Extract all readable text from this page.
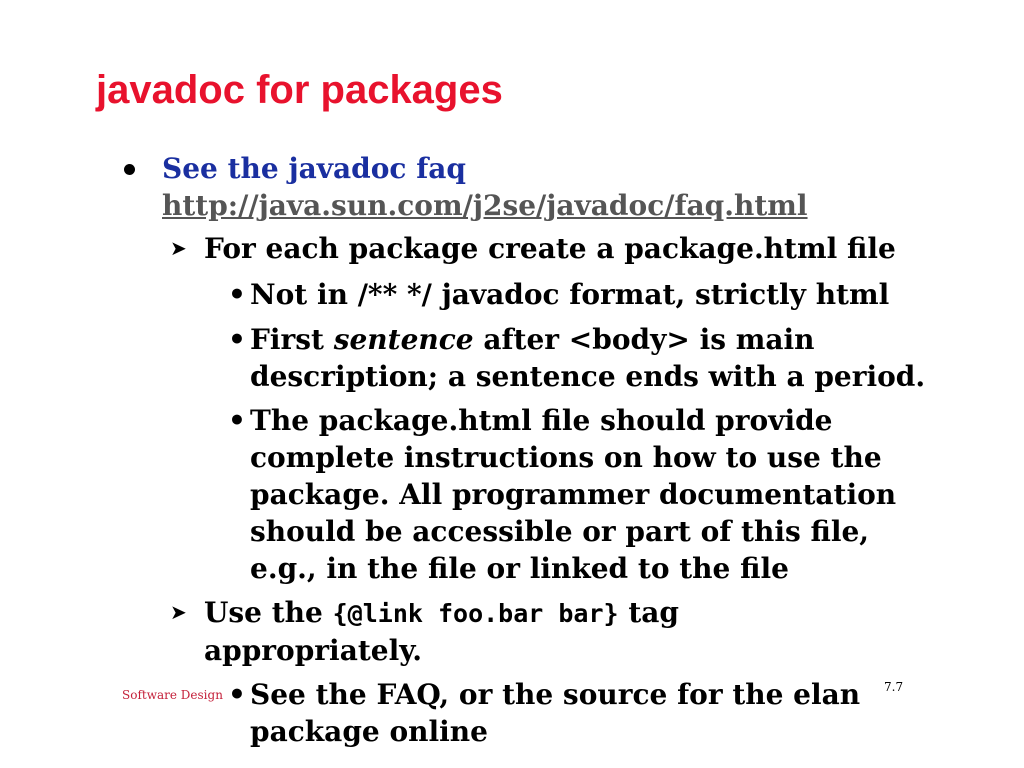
javadoc for packages
See the javadoc faq
http://java.sun.com/j2se/javadoc/faq.html
➤ For each package create a package.html file
• Not in /** */ javadoc format, strictly html
• First sentence after <body> is main
description; a sentence ends with a period.
• The package.html file should provide
complete instructions on how to use the
package. All programmer documentation
should be accessible or part of this file,
e.g., in the file or linked to the file
➤ Use the {@link foo.bar bar} tag
appropriately.
• See the FAQ, or the source for the elan
package online
Software Design
7.7
